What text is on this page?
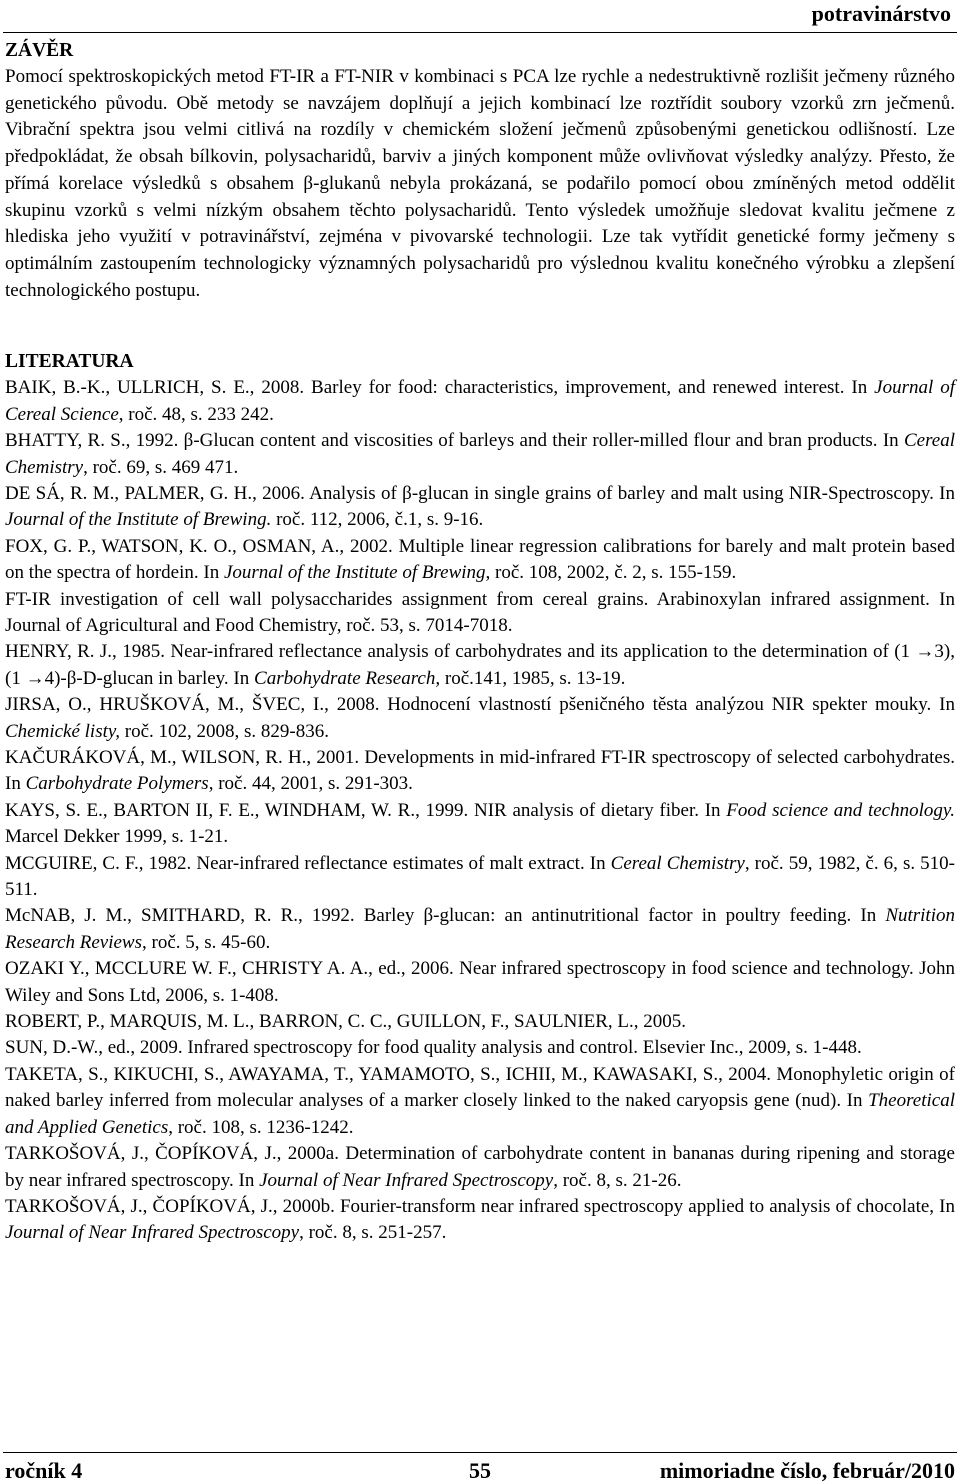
potravinárstvo
ZÁVĚR

Pomocí spektroskopických metod FT-IR a FT-NIR v kombinaci s PCA lze rychle a nedestruktivně rozlišit ječmeny různého genetického původu. Obě metody se navzájem doplňují a jejich kombinací lze roztřídit soubory vzorků zrn ječmenů. Vibrační spektra jsou velmi citlivá na rozdíly v chemickém složení ječmenů způsobenými genetickou odlišností. Lze předpokládat, že obsah bílkovin, polysacharidů, barviv a jiných komponent může ovlivňovat výsledky analýzy. Přesto, že přímá korelace výsledků s obsahem β-glukanů nebyla prokázaná, se podařilo pomocí obou zmíněných metod oddělit skupinu vzorků s velmi nízkým obsahem těchto polysacharidů. Tento výsledek umožňuje sledovat kvalitu ječmene z hlediska jeho využití v potravinářství, zejména v pivovarské technologii. Lze tak vytřídit genetické formy ječmeny s optimálním zastoupením technologicky významných polysacharidů pro výslednou kvalitu konečného výrobku a zlepšení technologického postupu.

LITERATURA

BAIK, B.-K., ULLRICH, S. E., 2008. Barley for food: characteristics, improvement, and renewed interest. In Journal of Cereal Science, roč. 48, s. 233 242.

BHATTY, R. S., 1992. β-Glucan content and viscosities of barleys and their roller-milled flour and bran products. In Cereal Chemistry, roč. 69, s. 469 471.

DE SÁ, R. M., PALMER, G. H., 2006. Analysis of β-glucan in single grains of barley and malt using NIR-Spectroscopy. In Journal of the Institute of Brewing. roč. 112, 2006, č.1, s. 9-16.

FOX, G. P., WATSON, K. O., OSMAN, A., 2002. Multiple linear regression calibrations for barely and malt protein based on the spectra of hordein. In Journal of the Institute of Brewing, roč. 108, 2002, č. 2, s. 155-159.

FT-IR investigation of cell wall polysaccharides assignment from cereal grains. Arabinoxylan infrared assignment. In Journal of Agricultural and Food Chemistry, roč. 53, s. 7014-7018.

HENRY, R. J., 1985. Near-infrared reflectance analysis of carbohydrates and its application to the determination of (1 →3),(1 →4)-β-D-glucan in barley. In Carbohydrate Research, roč.141, 1985, s. 13-19.

JIRSA, O., HRUŠKOVÁ, M., ŠVEC, I., 2008. Hodnocení vlastností pšeničného těsta analýzou NIR spekter mouky. In Chemické listy, roč. 102, 2008, s. 829-836.

KAČURÁKOVÁ, M., WILSON, R. H., 2001. Developments in mid-infrared FT-IR spectroscopy of selected carbohydrates. In Carbohydrate Polymers, roč. 44, 2001, s. 291-303.

KAYS, S. E., BARTON II, F. E., WINDHAM, W. R., 1999. NIR analysis of dietary fiber. In Food science and technology. Marcel Dekker 1999, s. 1-21.

MCGUIRE, C. F., 1982. Near-infrared reflectance estimates of malt extract. In Cereal Chemistry, roč. 59, 1982, č. 6, s. 510-511.

McNAB, J. M., SMITHARD, R. R., 1992. Barley β-glucan: an antinutritional factor in poultry feeding. In Nutrition Research Reviews, roč. 5, s. 45-60.

OZAKI Y., MCCLURE W. F., CHRISTY A. A., ed., 2006. Near infrared spectroscopy in food science and technology. John Wiley and Sons Ltd, 2006, s. 1-408.

ROBERT, P., MARQUIS, M. L., BARRON, C. C., GUILLON, F., SAULNIER, L., 2005.

SUN, D.-W., ed., 2009. Infrared spectroscopy for food quality analysis and control. Elsevier Inc., 2009, s. 1-448.

TAKETA, S., KIKUCHI, S., AWAYAMA, T., YAMAMOTO, S., ICHII, M., KAWASAKI, S., 2004. Monophyletic origin of naked barley inferred from molecular analyses of a marker closely linked to the naked caryopsis gene (nud). In Theoretical and Applied Genetics, roč. 108, s. 1236-1242.

TARKOŠOVÁ, J., ČOPÍKOVÁ, J., 2000a. Determination of carbohydrate content in bananas during ripening and storage by near infrared spectroscopy. In Journal of Near Infrared Spectroscopy, roč. 8, s. 21-26.

TARKOŠOVÁ, J., ČOPÍKOVÁ, J., 2000b. Fourier-transform near infrared spectroscopy applied to analysis of chocolate, In Journal of Near Infrared Spectroscopy, roč. 8, s. 251-257.

55
ročník 4	mimoriadne číslo, február/2010
